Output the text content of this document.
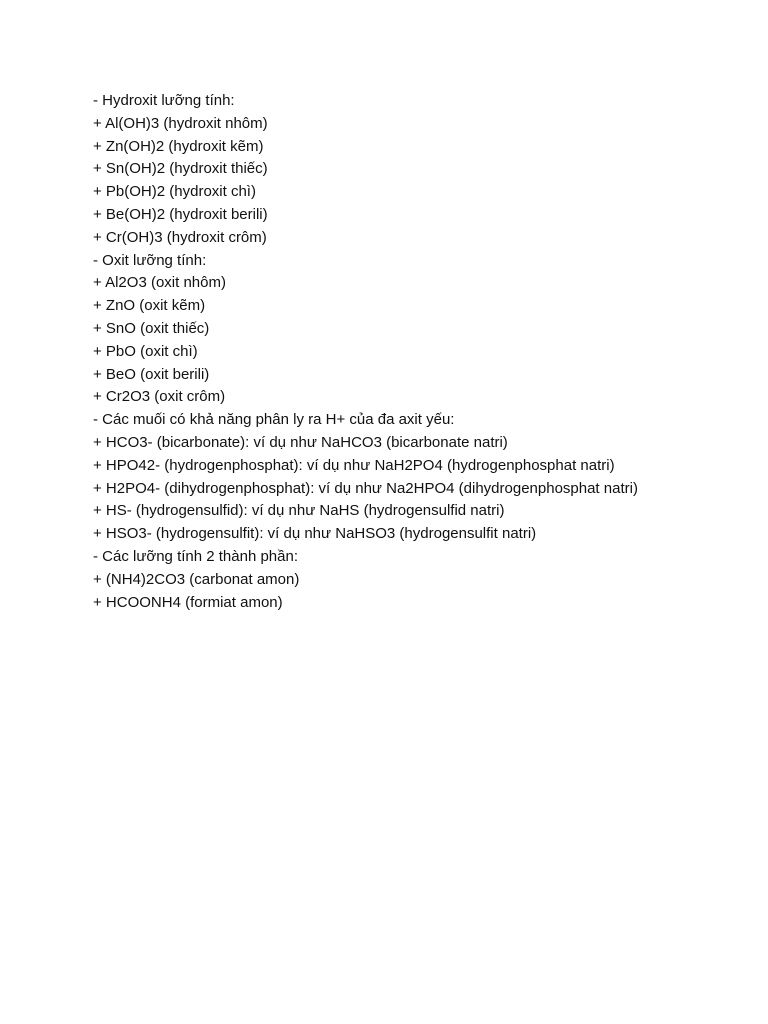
- Hydroxit lưỡng tính:
+ Al(OH)3 (hydroxit nhôm)
+ Zn(OH)2 (hydroxit kẽm)
+ Sn(OH)2 (hydroxit thiếc)
+ Pb(OH)2 (hydroxit chì)
+ Be(OH)2 (hydroxit berili)
+ Cr(OH)3 (hydroxit crôm)
- Oxit lưỡng tính:
+ Al2O3 (oxit nhôm)
+ ZnO (oxit kẽm)
+ SnO (oxit thiếc)
+ PbO (oxit chì)
+ BeO (oxit berili)
+ Cr2O3 (oxit crôm)
- Các muối có khả năng phân ly ra H+ của đa axit yếu:
+ HCO3- (bicarbonate): ví dụ như NaHCO3 (bicarbonate natri)
+ HPO42- (hydrogenphosphat): ví dụ như NaH2PO4 (hydrogenphosphat natri)
+ H2PO4- (dihydrogenphosphat): ví dụ như Na2HPO4 (dihydrogenphosphat natri)
+ HS- (hydrogensulfid): ví dụ như NaHS (hydrogensulfid natri)
+ HSO3- (hydrogensulfit): ví dụ như NaHSO3 (hydrogensulfit natri)
- Các lưỡng tính 2 thành phần:
+ (NH4)2CO3 (carbonat amon)
+ HCOONH4 (formiat amon)
